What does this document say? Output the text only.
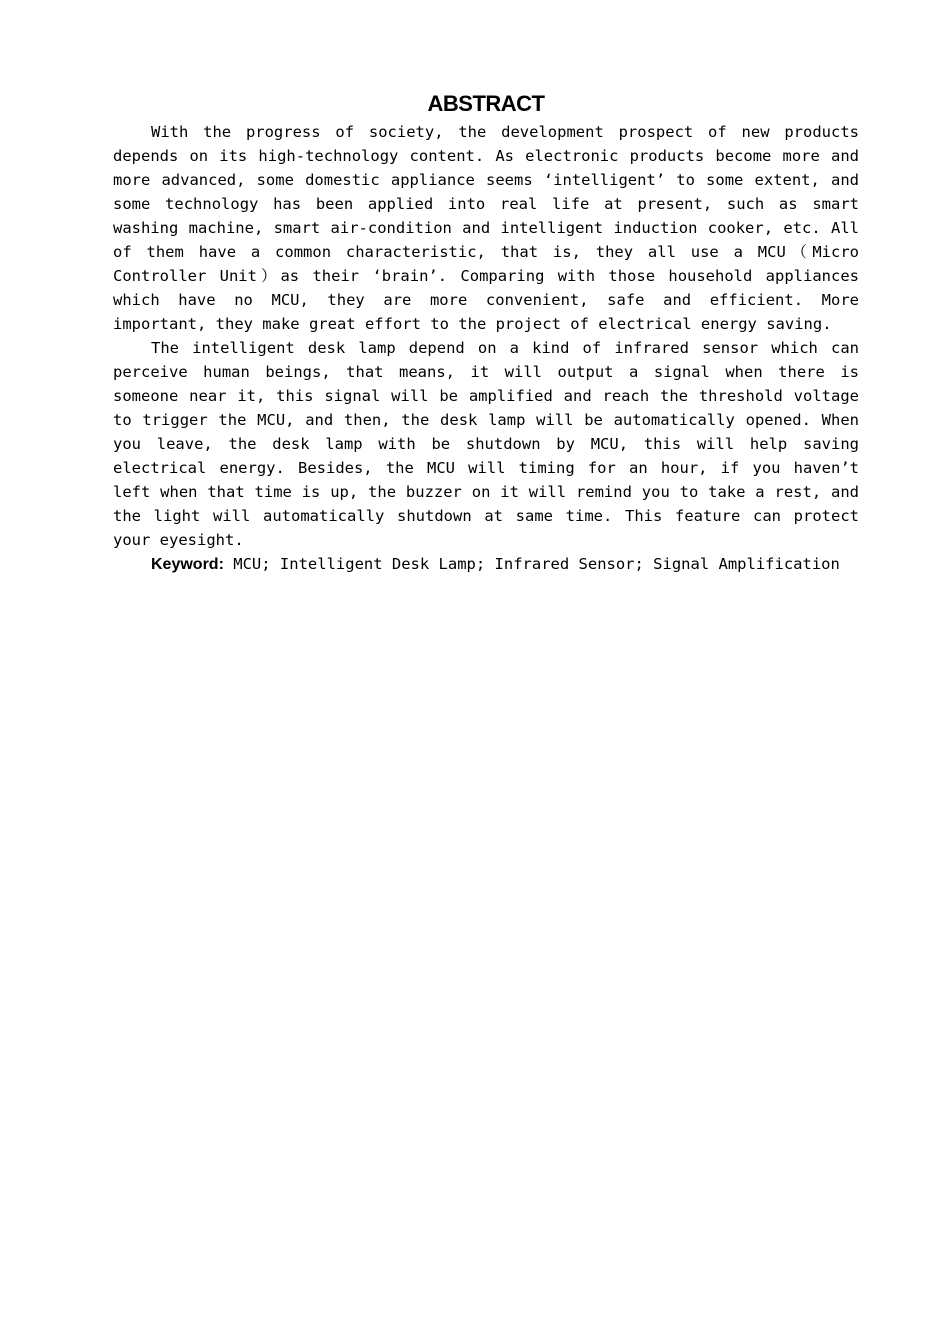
ABSTRACT

With the progress of society, the development prospect of new products depends on its high-technology content. As electronic products become more and more advanced, some domestic appliance seems ‘intelligent’ to some extent, and some technology has been applied into real life at present, such as smart washing machine, smart air-condition and intelligent induction cooker, etc. All of them have a common characteristic, that is, they all use a MCU（Micro Controller Unit）as their ‘brain’. Comparing with those household appliances which have no MCU, they are more convenient, safe and efficient. More important, they make great effort to the project of electrical energy saving.

The intelligent desk lamp depend on a kind of infrared sensor which can perceive human beings, that means, it will output a signal when there is someone near it, this signal will be amplified and reach the threshold voltage to trigger the MCU, and then, the desk lamp will be automatically opened. When you leave, the desk lamp with be shutdown by MCU, this will help saving electrical energy. Besides, the MCU will timing for an hour, if you haven’t left when that time is up, the buzzer on it will remind you to take a rest, and the light will automatically shutdown at same time. This feature can protect your eyesight.

Keyword: MCU; Intelligent Desk Lamp; Infrared Sensor; Signal Amplification
